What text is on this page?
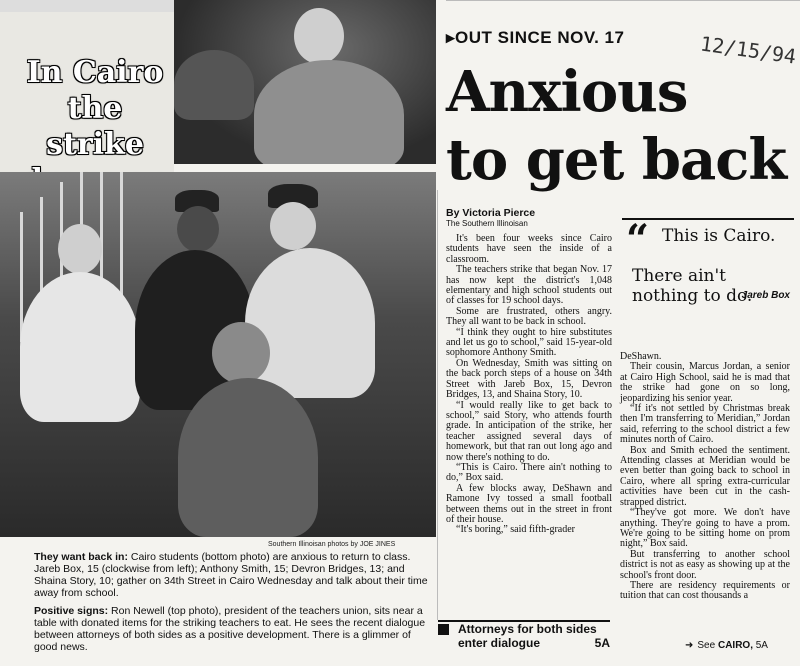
In Cairo
the strike
Southern Illinoisan photos by JOE JINES
They want back in: Cairo students (bottom photo) are anxious to return to class. Jareb Box, 15 (clockwise from left); Anthony Smith, 15; Devron Bridges, 13; and Shaina Story, 10; gather on 34th Street in Cairo Wednesday and talk about their time away from school.
Positive signs: Ron Newell (top photo), president of the teachers union, sits near a table with donated items for the striking teachers to eat. He sees the recent dialogue between attorneys of both sides as a positive development. There is a glimmer of good news.
▸OUT SINCE NOV. 17	12/15/94
Anxious
to get back
By Victoria Pierce
The Southern Illinoisan

It's been four weeks since Cairo students have seen the inside of a classroom.

The teachers strike that began Nov. 17 has now kept the district's 1,048 elementary and high school students out of classes for 19 school days.

Some are frustrated, others angry. They all want to be back in school.

“I think they ought to hire substitutes and let us go to school,” said 15-year-old sophomore Anthony Smith.

On Wednesday, Smith was sitting on the back porch steps of a house on 34th Street with Jareb Box, 15, Devron Bridges, 13, and Shaina Story, 10.

“I would really like to get back to school,” said Story, who attends fourth grade. In anticipation of the strike, her teacher assigned several days of homework, but that ran out long ago and now there's nothing to do.

“This is Cairo. There ain't nothing to do,” Box said.

A few blocks away, DeShawn and Ramone Ivy tossed a small football between thems out in the street in front of their house.

“It's boring,” said fifth-grader

“ This is Cairo.
There ain't nothing to do.
Jareb Box

DeShawn.

Their cousin, Marcus Jordan, a senior at Cairo High School, said he is mad that the strike had gone on so long, jeopardizing his senior year.

“If it's not settled by Christmas break then I'm transferring to Meridian,” Jordan said, referring to the school district a few minutes north of Cairo.

Box and Smith echoed the sentiment. Attending classes at Meridian would be even better than going back to school in Cairo, where all spring extra-curricular activities have been cut in the cash-strapped district.

“They've got more. We don't have anything. They're going to have a prom. We're going to be sitting home on prom night,” Box said.

But transferring to another school district is not as easy as showing up at the school's front door.

There are residency requirements or tuition that can cost thousands a

Attorneys for both sides enter dialogue	5A	➜ See CAIRO, 5A
